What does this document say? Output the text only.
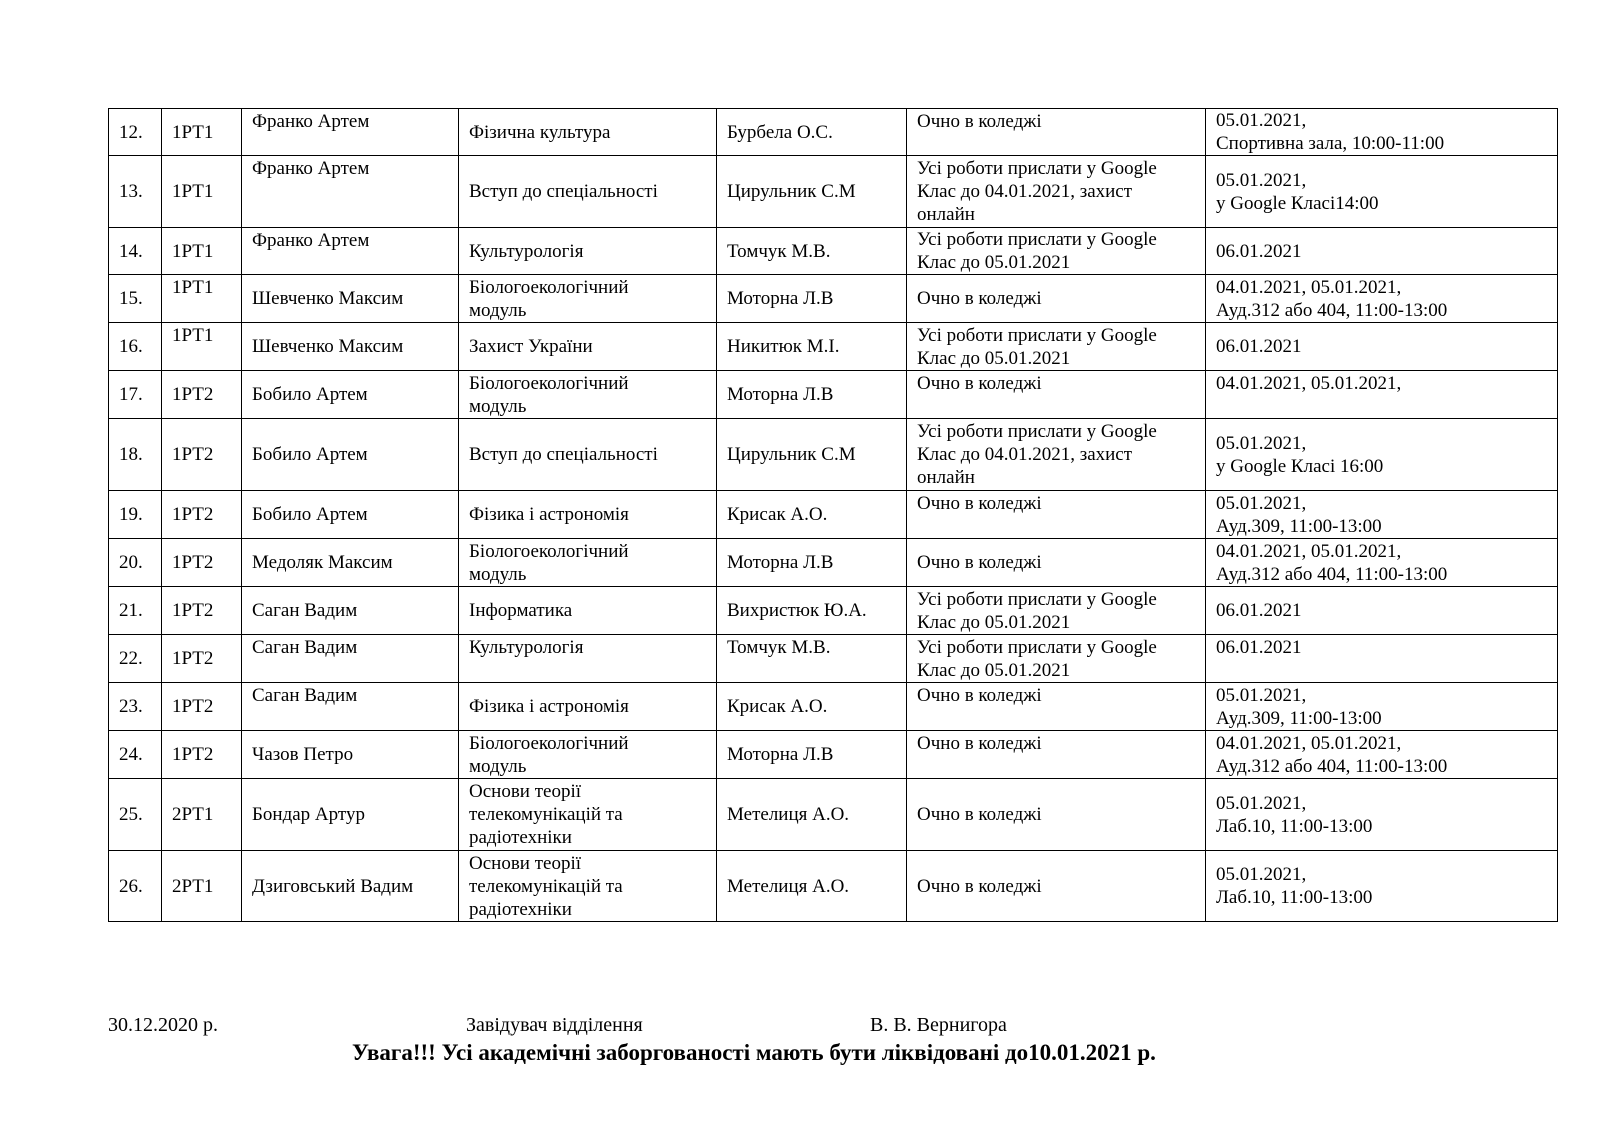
12.	1РТ1	Франко Артем	Фізична культура	Бурбела О.С.	Очно в коледжі	05.01.2021,
Спортивна зала, 10:00-11:00

13.	1РТ1	Франко Артем	Вступ до спеціальності	Цирульник С.М	Усі роботи прислати у Google
Клас до 04.01.2021, захист
онлайн	05.01.2021,
у Google Класі14:00

14.	1РТ1	Франко Артем	Культурологія	Томчук М.В.	Усі роботи прислати у Google
Клас до 05.01.2021	06.01.2021

15.	1РТ1	Шевченко Максим	Біологоекологічний
модуль	Моторна Л.В	Очно в коледжі	04.01.2021, 05.01.2021,
Ауд.312 або 404, 11:00-13:00

16.	1РТ1	Шевченко Максим	Захист України	Никитюк М.І.	Усі роботи прислати у Google
Клас до 05.01.2021	06.01.2021

17.	1РТ2	Бобило Артем	Біологоекологічний
модуль	Моторна Л.В	Очно в коледжі	04.01.2021, 05.01.2021,

18.	1РТ2	Бобило Артем	Вступ до спеціальності	Цирульник С.М	Усі роботи прислати у Google
Клас до 04.01.2021, захист
онлайн	05.01.2021,
у Google Класі 16:00

19.	1РТ2	Бобило Артем	Фізика і астрономія	Крисак А.О.	Очно в коледжі	05.01.2021,
Ауд.309, 11:00-13:00

20.	1РТ2	Медоляк Максим	Біологоекологічний
модуль	Моторна Л.В	Очно в коледжі	04.01.2021, 05.01.2021,
Ауд.312 або 404, 11:00-13:00

21.	1РТ2	Саган Вадим	Інформатика	Вихристюк Ю.А.	Усі роботи прислати у Google
Клас до 05.01.2021	06.01.2021

22.	1РТ2	Саган Вадим	Культурологія	Томчук М.В.	Усі роботи прислати у Google
Клас до 05.01.2021	06.01.2021

23.	1РТ2	Саган Вадим	Фізика і астрономія	Крисак А.О.	Очно в коледжі	05.01.2021,
Ауд.309, 11:00-13:00

24.	1РТ2	Чазов Петро	Біологоекологічний
модуль	Моторна Л.В	Очно в коледжі	04.01.2021, 05.01.2021,
Ауд.312 або 404, 11:00-13:00

25.	2РТ1	Бондар Артур	Основи теорії
телекомунікацій та
радіотехніки	Метелиця А.О.	Очно в коледжі	05.01.2021,
Лаб.10, 11:00-13:00

26.	2РТ1	Дзиговський Вадим	Основи теорії
телекомунікацій та
радіотехніки	Метелиця А.О.	Очно в коледжі	05.01.2021,
Лаб.10, 11:00-13:00
30.12.2020 р.	Завідувач відділення	В. В. Вернигора
Увага!!! Усі академічні заборгованості мають бути ліквідовані до10.01.2021 р.
